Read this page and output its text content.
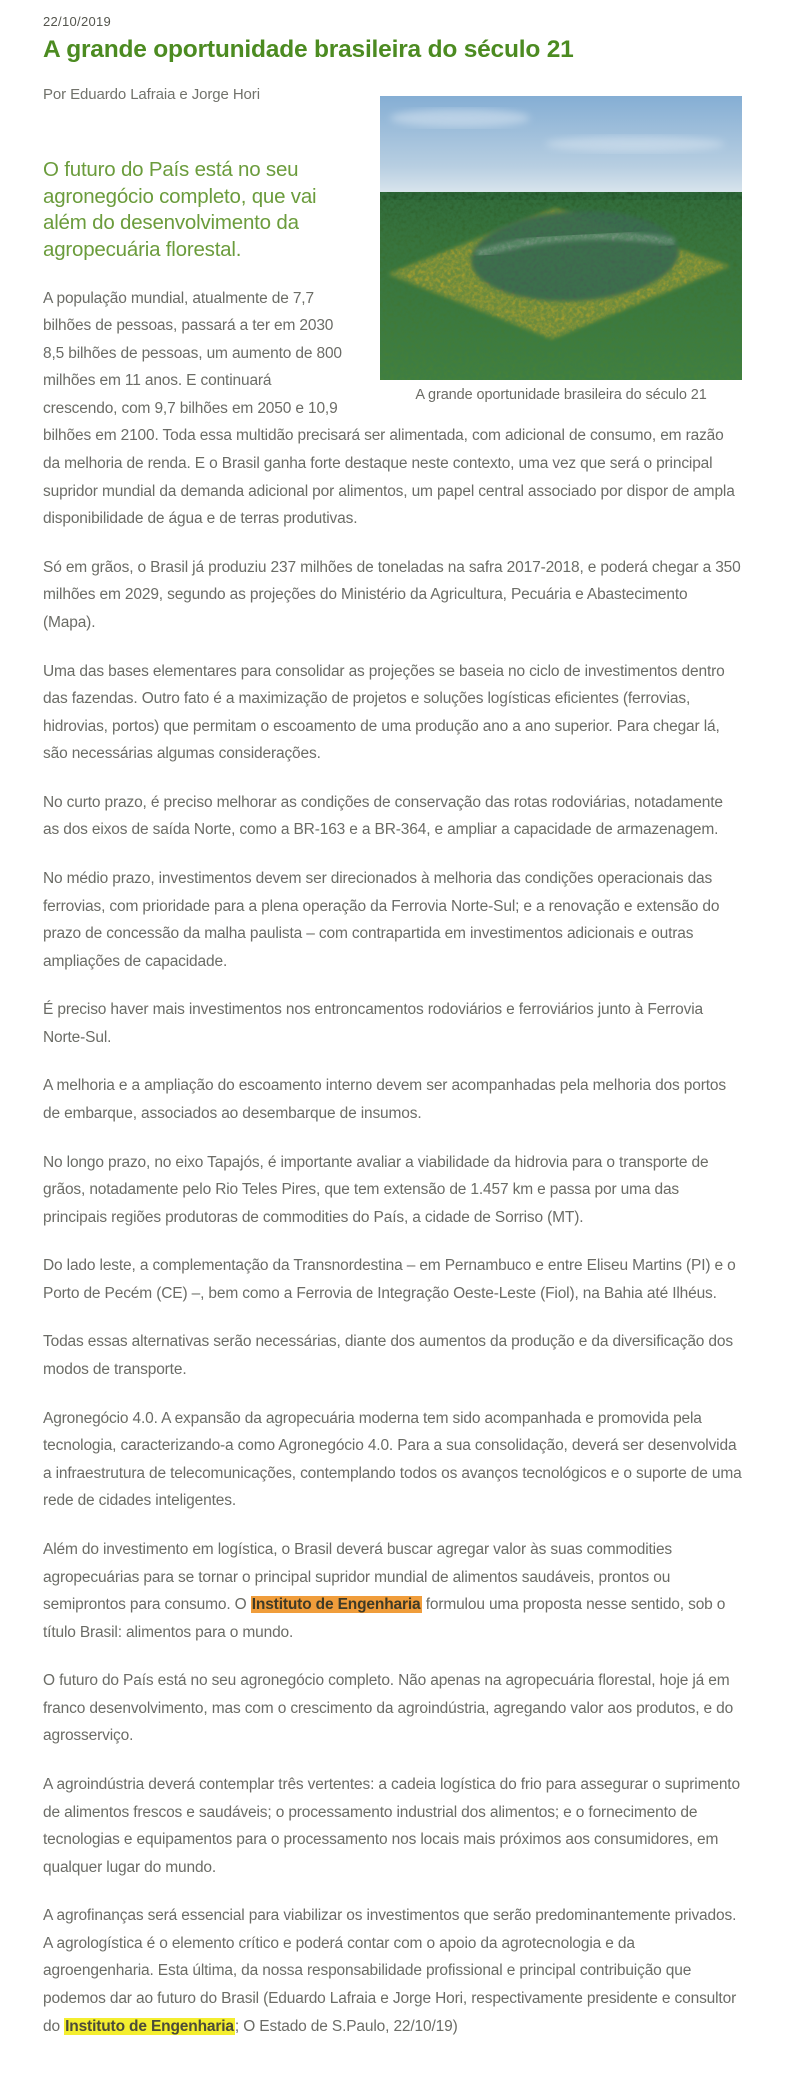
22/10/2019
A grande oportunidade brasileira do século 21
A grande oportunidade brasileira do século 21

Por Eduardo Lafraia e Jorge Hori

O futuro do País está no seu agronegócio completo, que vai além do desenvolvimento da agropecuária florestal.

A população mundial, atualmente de 7,7 bilhões de pessoas, passará a ter em 2030 8,5 bilhões de pessoas, um aumento de 800 milhões em 11 anos. E continuará crescendo, com 9,7 bilhões em 2050 e 10,9 bilhões em 2100. Toda essa multidão precisará ser alimentada, com adicional de consumo, em razão da melhoria de renda. E o Brasil ganha forte destaque neste contexto, uma vez que será o principal supridor mundial da demanda adicional por alimentos, um papel central associado por dispor de ampla disponibilidade de água e de terras produtivas.

Só em grãos, o Brasil já produziu 237 milhões de toneladas na safra 2017-2018, e poderá chegar a 350 milhões em 2029, segundo as projeções do Ministério da Agricultura, Pecuária e Abastecimento (Mapa).

Uma das bases elementares para consolidar as projeções se baseia no ciclo de investimentos dentro das fazendas. Outro fato é a maximização de projetos e soluções logísticas eficientes (ferrovias, hidrovias, portos) que permitam o escoamento de uma produção ano a ano superior. Para chegar lá, são necessárias algumas considerações.

No curto prazo, é preciso melhorar as condições de conservação das rotas rodoviárias, notadamente as dos eixos de saída Norte, como a BR-163 e a BR-364, e ampliar a capacidade de armazenagem.

No médio prazo, investimentos devem ser direcionados à melhoria das condições operacionais das ferrovias, com prioridade para a plena operação da Ferrovia Norte-Sul; e a renovação e extensão do prazo de concessão da malha paulista – com contrapartida em investimentos adicionais e outras ampliações de capacidade.

É preciso haver mais investimentos nos entroncamentos rodoviários e ferroviários junto à Ferrovia Norte-Sul.

A melhoria e a ampliação do escoamento interno devem ser acompanhadas pela melhoria dos portos de embarque, associados ao desembarque de insumos.

No longo prazo, no eixo Tapajós, é importante avaliar a viabilidade da hidrovia para o transporte de grãos, notadamente pelo Rio Teles Pires, que tem extensão de 1.457 km e passa por uma das principais regiões produtoras de commodities do País, a cidade de Sorriso (MT).

Do lado leste, a complementação da Transnordestina – em Pernambuco e entre Eliseu Martins (PI) e o Porto de Pecém (CE) –, bem como a Ferrovia de Integração Oeste-Leste (Fiol), na Bahia até Ilhéus.

Todas essas alternativas serão necessárias, diante dos aumentos da produção e da diversificação dos modos de transporte.

Agronegócio 4.0. A expansão da agropecuária moderna tem sido acompanhada e promovida pela tecnologia, caracterizando-a como Agronegócio 4.0. Para a sua consolidação, deverá ser desenvolvida a infraestrutura de telecomunicações, contemplando todos os avanços tecnológicos e o suporte de uma rede de cidades inteligentes.

Além do investimento em logística, o Brasil deverá buscar agregar valor às suas commodities agropecuárias para se tornar o principal supridor mundial de alimentos saudáveis, prontos ou semiprontos para consumo. O Instituto de Engenharia formulou uma proposta nesse sentido, sob o título Brasil: alimentos para o mundo.

O futuro do País está no seu agronegócio completo. Não apenas na agropecuária florestal, hoje já em franco desenvolvimento, mas com o crescimento da agroindústria, agregando valor aos produtos, e do agrosserviço.

A agroindústria deverá contemplar três vertentes: a cadeia logística do frio para assegurar o suprimento de alimentos frescos e saudáveis; o processamento industrial dos alimentos; e o fornecimento de tecnologias e equipamentos para o processamento nos locais mais próximos aos consumidores, em qualquer lugar do mundo.

A agrofinanças será essencial para viabilizar os investimentos que serão predominantemente privados. A agrologística é o elemento crítico e poderá contar com o apoio da agrotecnologia e da agroengenharia. Esta última, da nossa responsabilidade profissional e principal contribuição que podemos dar ao futuro do Brasil (Eduardo Lafraia e Jorge Hori, respectivamente presidente e consultor do Instituto de Engenharia; O Estado de S.Paulo, 22/10/19)
